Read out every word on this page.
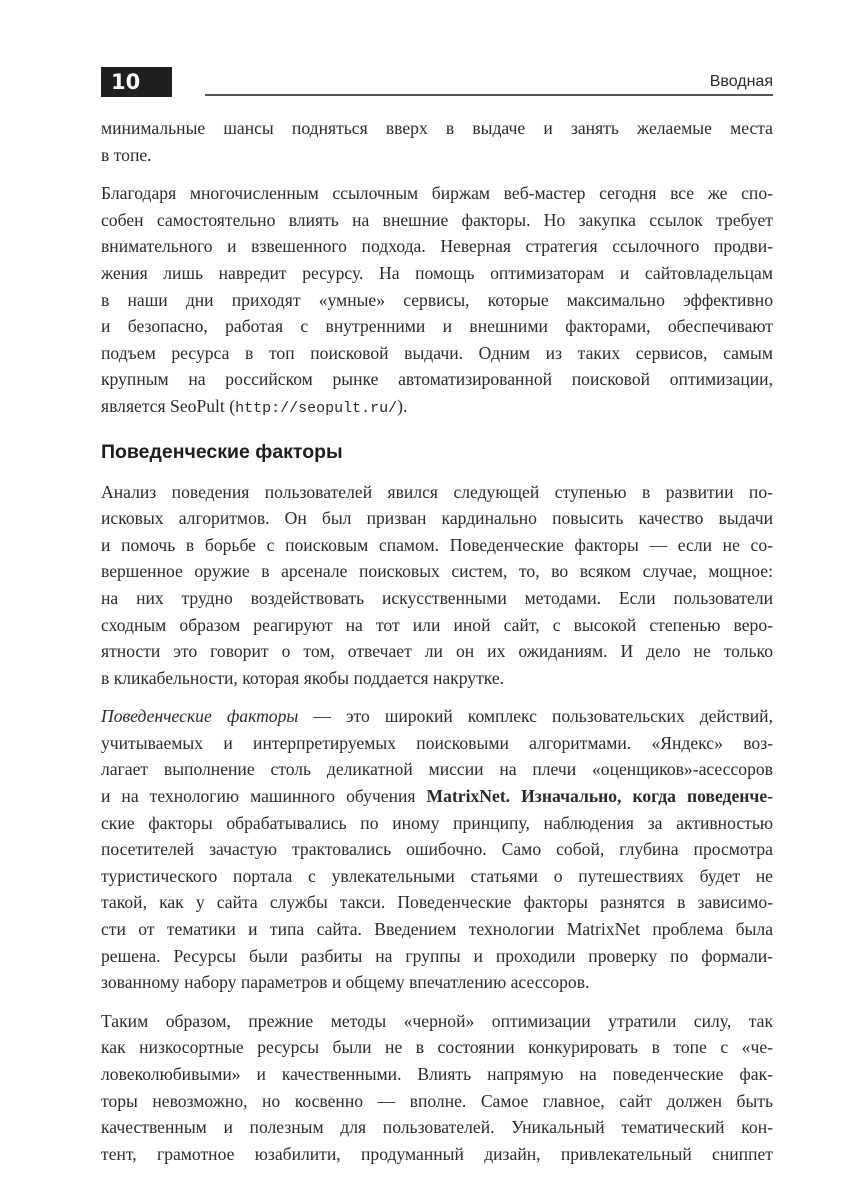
10	Вводная

минимальные шансы подняться вверх в выдаче и занять желаемые места
в топе.

Благодаря многочисленным ссылочным биржам веб-мастер сегодня все же спо-
собен самостоятельно влиять на внешние факторы. Но закупка ссылок требует
внимательного и взвешенного подхода. Неверная стратегия ссылочного продви-
жения лишь навредит ресурсу. На помощь оптимизаторам и сайтовладельцам
в наши дни приходят «умные» сервисы, которые максимально эффективно
и безопасно, работая с внутренними и внешними факторами, обеспечивают
подъем ресурса в топ поисковой выдачи. Одним из таких сервисов, самым
крупным на российском рынке автоматизированной поисковой оптимизации,
является SeoPult (http://seopult.ru/).

Поведенческие факторы

Анализ поведения пользователей явился следующей ступенью в развитии по-
исковых алгоритмов. Он был призван кардинально повысить качество выдачи
и помочь в борьбе с поисковым спамом. Поведенческие факторы — если не со-
вершенное оружие в арсенале поисковых систем, то, во всяком случае, мощное:
на них трудно воздействовать искусственными методами. Если пользователи
сходным образом реагируют на тот или иной сайт, с высокой степенью веро-
ятности это говорит о том, отвечает ли он их ожиданиям. И дело не только
в кликабельности, которая якобы поддается накрутке.

Поведенческие факторы — это широкий комплекс пользовательских действий,
учитываемых и интерпретируемых поисковыми алгоритмами. «Яндекс» воз-
лагает выполнение столь деликатной миссии на плечи «оценщиков»-асессоров
и на технологию машинного обучения MatrixNet. Изначально, когда поведенче-
ские факторы обрабатывались по иному принципу, наблюдения за активностью
посетителей зачастую трактовались ошибочно. Само собой, глубина просмотра
туристического портала с увлекательными статьями о путешествиях будет не
такой, как у сайта службы такси. Поведенческие факторы разнятся в зависимо-
сти от тематики и типа сайта. Введением технологии MatrixNet проблема была
решена. Ресурсы были разбиты на группы и проходили проверку по формали-
зованному набору параметров и общему впечатлению асессоров.

Таким образом, прежние методы «черной» оптимизации утратили силу, так
как низкосортные ресурсы были не в состоянии конкурировать в топе с «че-
ловеколюбивыми» и качественными. Влиять напрямую на поведенческие фак-
торы невозможно, но косвенно — вполне. Самое главное, сайт должен быть
качественным и полезным для пользователей. Уникальный тематический кон-
тент, грамотное юзабилити, продуманный дизайн, привлекательный сниппет
